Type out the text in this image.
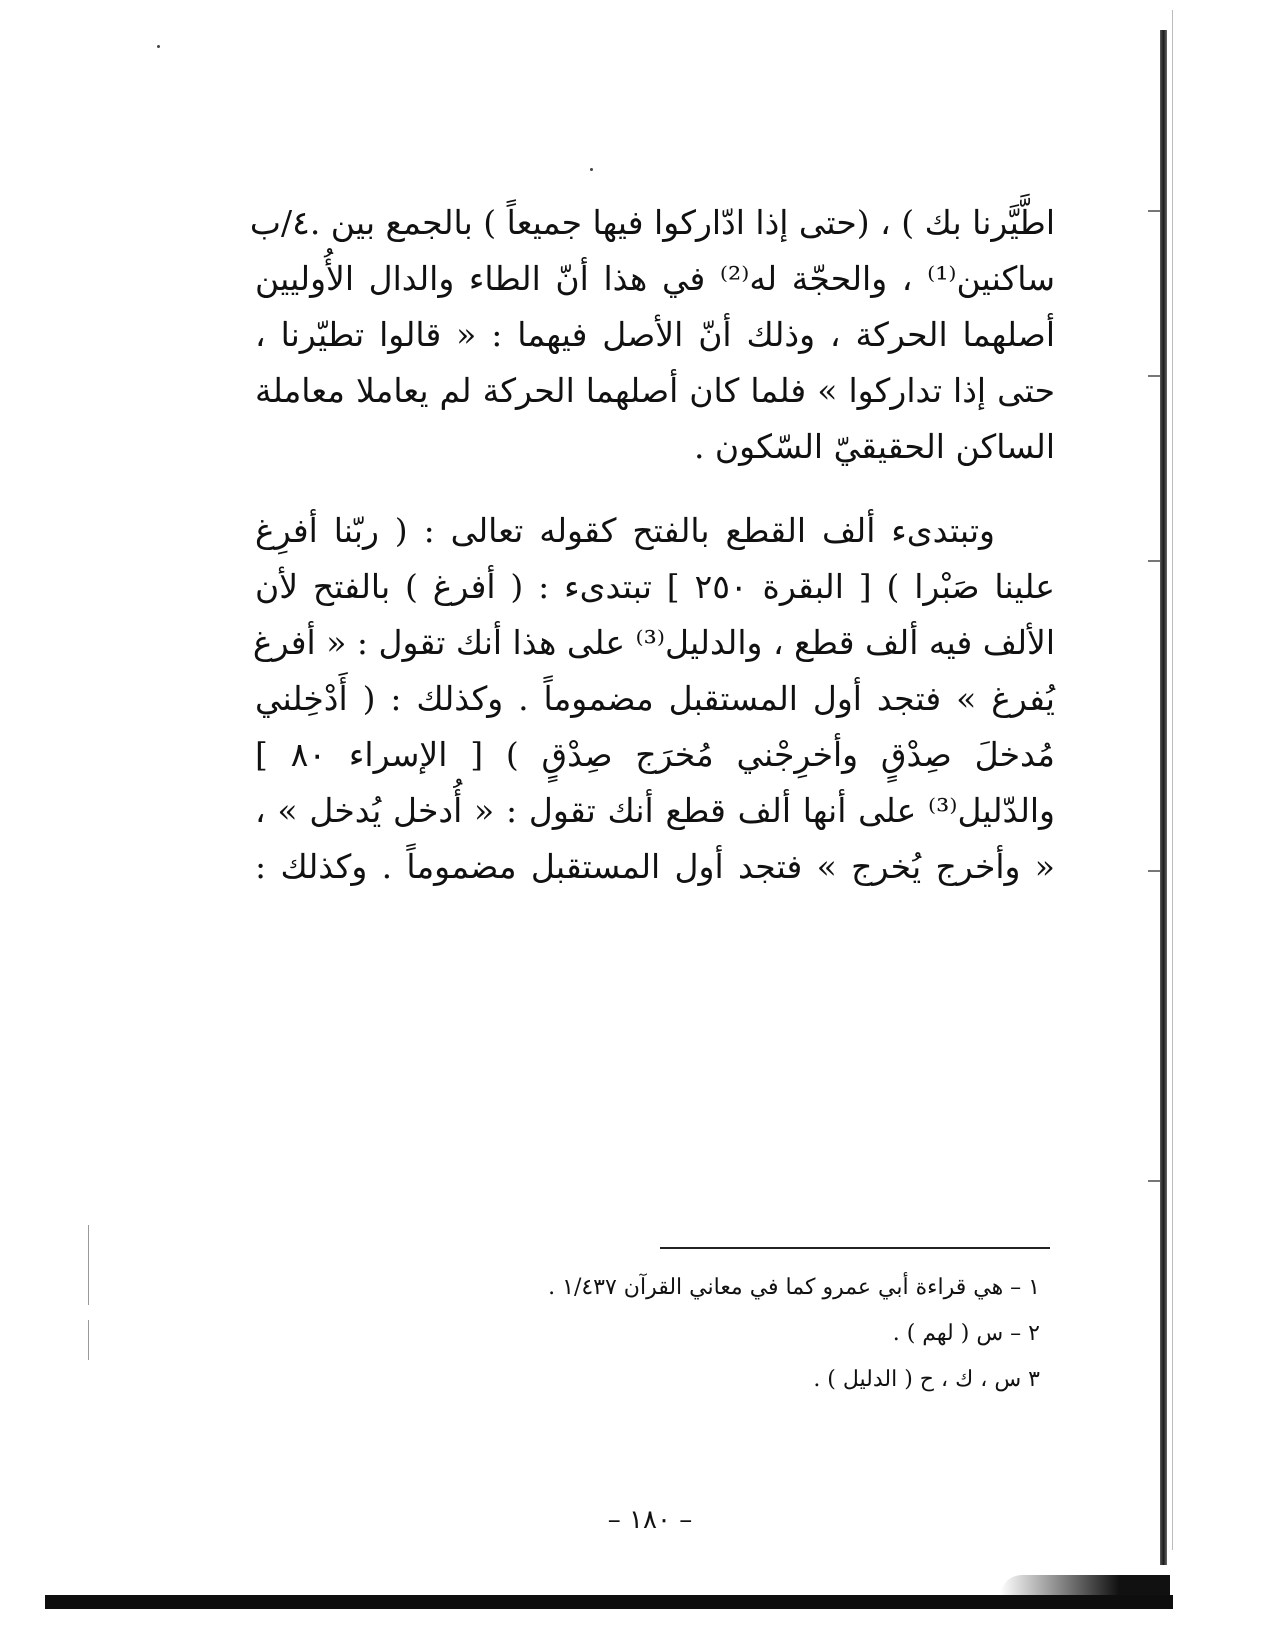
اطَّيَّرنا بك ) ، (حتى إذا ادّاركوا فيها جميعاً ) بالجمع بين .٤/ب
ساكنين⁽¹⁾ ، والحجّة له⁽²⁾ في هذا أنّ الطاء والدال الأُوليين
أصلهما الحركة ، وذلك أنّ الأصل فيهما : « قالوا تطيّرنا ،
حتى إذا تداركوا » فلما كان أصلهما الحركة لم يعاملا معاملة
الساكن الحقيقيّ السّكون .

وتبتدىء ألف القطع بالفتح كقوله تعالى : ( ربّنا أفرِغ
علينا صَبْرا ) [ البقرة ٢٥٠ ] تبتدىء : ( أفرغ ) بالفتح لأن
الألف فيه ألف قطع ، والدليل⁽³⁾ على هذا أنك تقول : « أفرغ
يُفرغ » فتجد أول المستقبل مضموماً . وكذلك : ( أَدْخِلني
مُدخلَ صِدْقٍ وأخرِجْني مُخرَج صِدْقٍ ) [ الإسراء ٨٠ ]
والدّليل⁽³⁾ على أنها ألف قطع أنك تقول : « أُدخل يُدخل » ،
« وأخرج يُخرج » فتجد أول المستقبل مضموماً . وكذلك :

١ – هي قراءة أبي عمرو كما في معاني القرآن ١/٤٣٧ .
٢ – س ( لهم ) .
٣ س ، ك ، ح ( الدليل ) .
– ١٨٠ –
